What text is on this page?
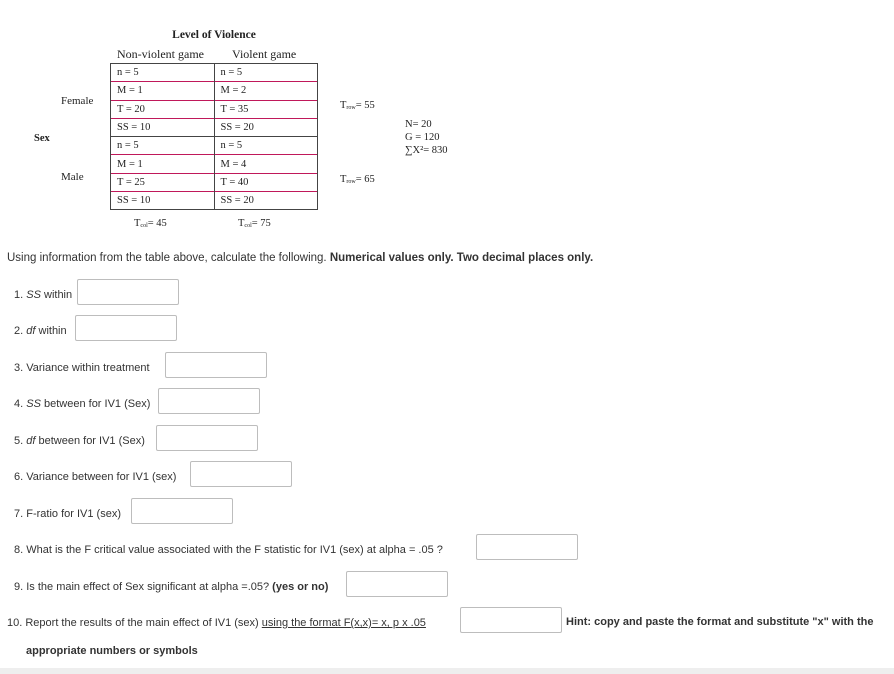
Level of Violence
Non-violent game Violent game
Sex
Female
Male
n = 5	n = 5
M = 1	M = 2
T = 20	T = 35
SS = 10	SS = 20
n = 5	n = 5
M = 1	M = 4
T = 25	T = 40
SS = 10	SS = 20
Tcol= 45	Tcol= 75
Trow= 55
Trow= 65
N= 20
G = 120
∑X²= 830
Using information from the table above, calculate the following. Numerical values only. Two decimal places only.
1. SS within
2. df within
3. Variance within treatment
4. SS between for IV1 (Sex)
5. df between for IV1 (Sex)
6. Variance between for IV1 (sex)
7. F-ratio for IV1 (sex)
8. What is the F critical value associated with the F statistic for IV1 (sex) at alpha = .05 ?
9. Is the main effect of Sex significant at alpha =.05? (yes or no)
10. Report the results of the main effect of IV1 (sex) using the format F(x,x)= x, p x .05	Hint: copy and paste the format and substitute "x" with the
appropriate numbers or symbols
